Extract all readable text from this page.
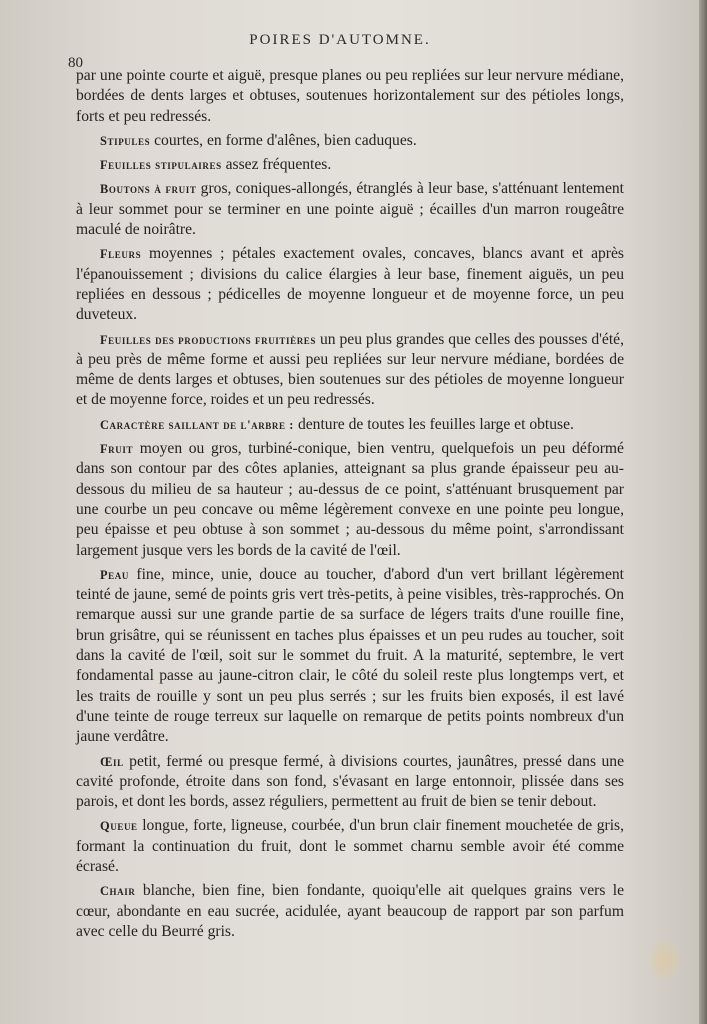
POIRES D'AUTOMNE.
80

par une pointe courte et aiguë, presque planes ou peu repliées sur leur nervure médiane, bordées de dents larges et obtuses, soutenues horizontalement sur des pétioles longs, forts et peu redressés.

Stipules courtes, en forme d'alênes, bien caduques.

Feuilles stipulaires assez fréquentes.

Boutons à fruit gros, coniques-allongés, étranglés à leur base, s'atténuant lentement à leur sommet pour se terminer en une pointe aiguë ; écailles d'un marron rougeâtre maculé de noirâtre.

Fleurs moyennes ; pétales exactement ovales, concaves, blancs avant et après l'épanouissement ; divisions du calice élargies à leur base, finement aiguës, un peu repliées en dessous ; pédicelles de moyenne longueur et de moyenne force, un peu duveteux.

Feuilles des productions fruitières un peu plus grandes que celles des pousses d'été, à peu près de même forme et aussi peu repliées sur leur nervure médiane, bordées de même de dents larges et obtuses, bien soutenues sur des pétioles de moyenne longueur et de moyenne force, roides et un peu redressés.

Caractère saillant de l'arbre : denture de toutes les feuilles large et obtuse.

Fruit moyen ou gros, turbiné-conique, bien ventru, quelquefois un peu déformé dans son contour par des côtes aplanies, atteignant sa plus grande épaisseur peu au-dessous du milieu de sa hauteur ; au-dessus de ce point, s'atténuant brusquement par une courbe un peu concave ou même légèrement convexe en une pointe peu longue, peu épaisse et peu obtuse à son sommet ; au-dessous du même point, s'arrondissant largement jusque vers les bords de la cavité de l'œil.

Peau fine, mince, unie, douce au toucher, d'abord d'un vert brillant légèrement teinté de jaune, semé de points gris vert très-petits, à peine visibles, très-rapprochés. On remarque aussi sur une grande partie de sa surface de légers traits d'une rouille fine, brun grisâtre, qui se réunissent en taches plus épaisses et un peu rudes au toucher, soit dans la cavité de l'œil, soit sur le sommet du fruit. A la maturité, septembre, le vert fondamental passe au jaune-citron clair, le côté du soleil reste plus longtemps vert, et les traits de rouille y sont un peu plus serrés ; sur les fruits bien exposés, il est lavé d'une teinte de rouge terreux sur laquelle on remarque de petits points nombreux d'un jaune verdâtre.

Œil petit, fermé ou presque fermé, à divisions courtes, jaunâtres, pressé dans une cavité profonde, étroite dans son fond, s'évasant en large entonnoir, plissée dans ses parois, et dont les bords, assez réguliers, permettent au fruit de bien se tenir debout.

Queue longue, forte, ligneuse, courbée, d'un brun clair finement mouchetée de gris, formant la continuation du fruit, dont le sommet charnu semble avoir été comme écrasé.

Chair blanche, bien fine, bien fondante, quoiqu'elle ait quelques grains vers le cœur, abondante en eau sucrée, acidulée, ayant beaucoup de rapport par son parfum avec celle du Beurré gris.
